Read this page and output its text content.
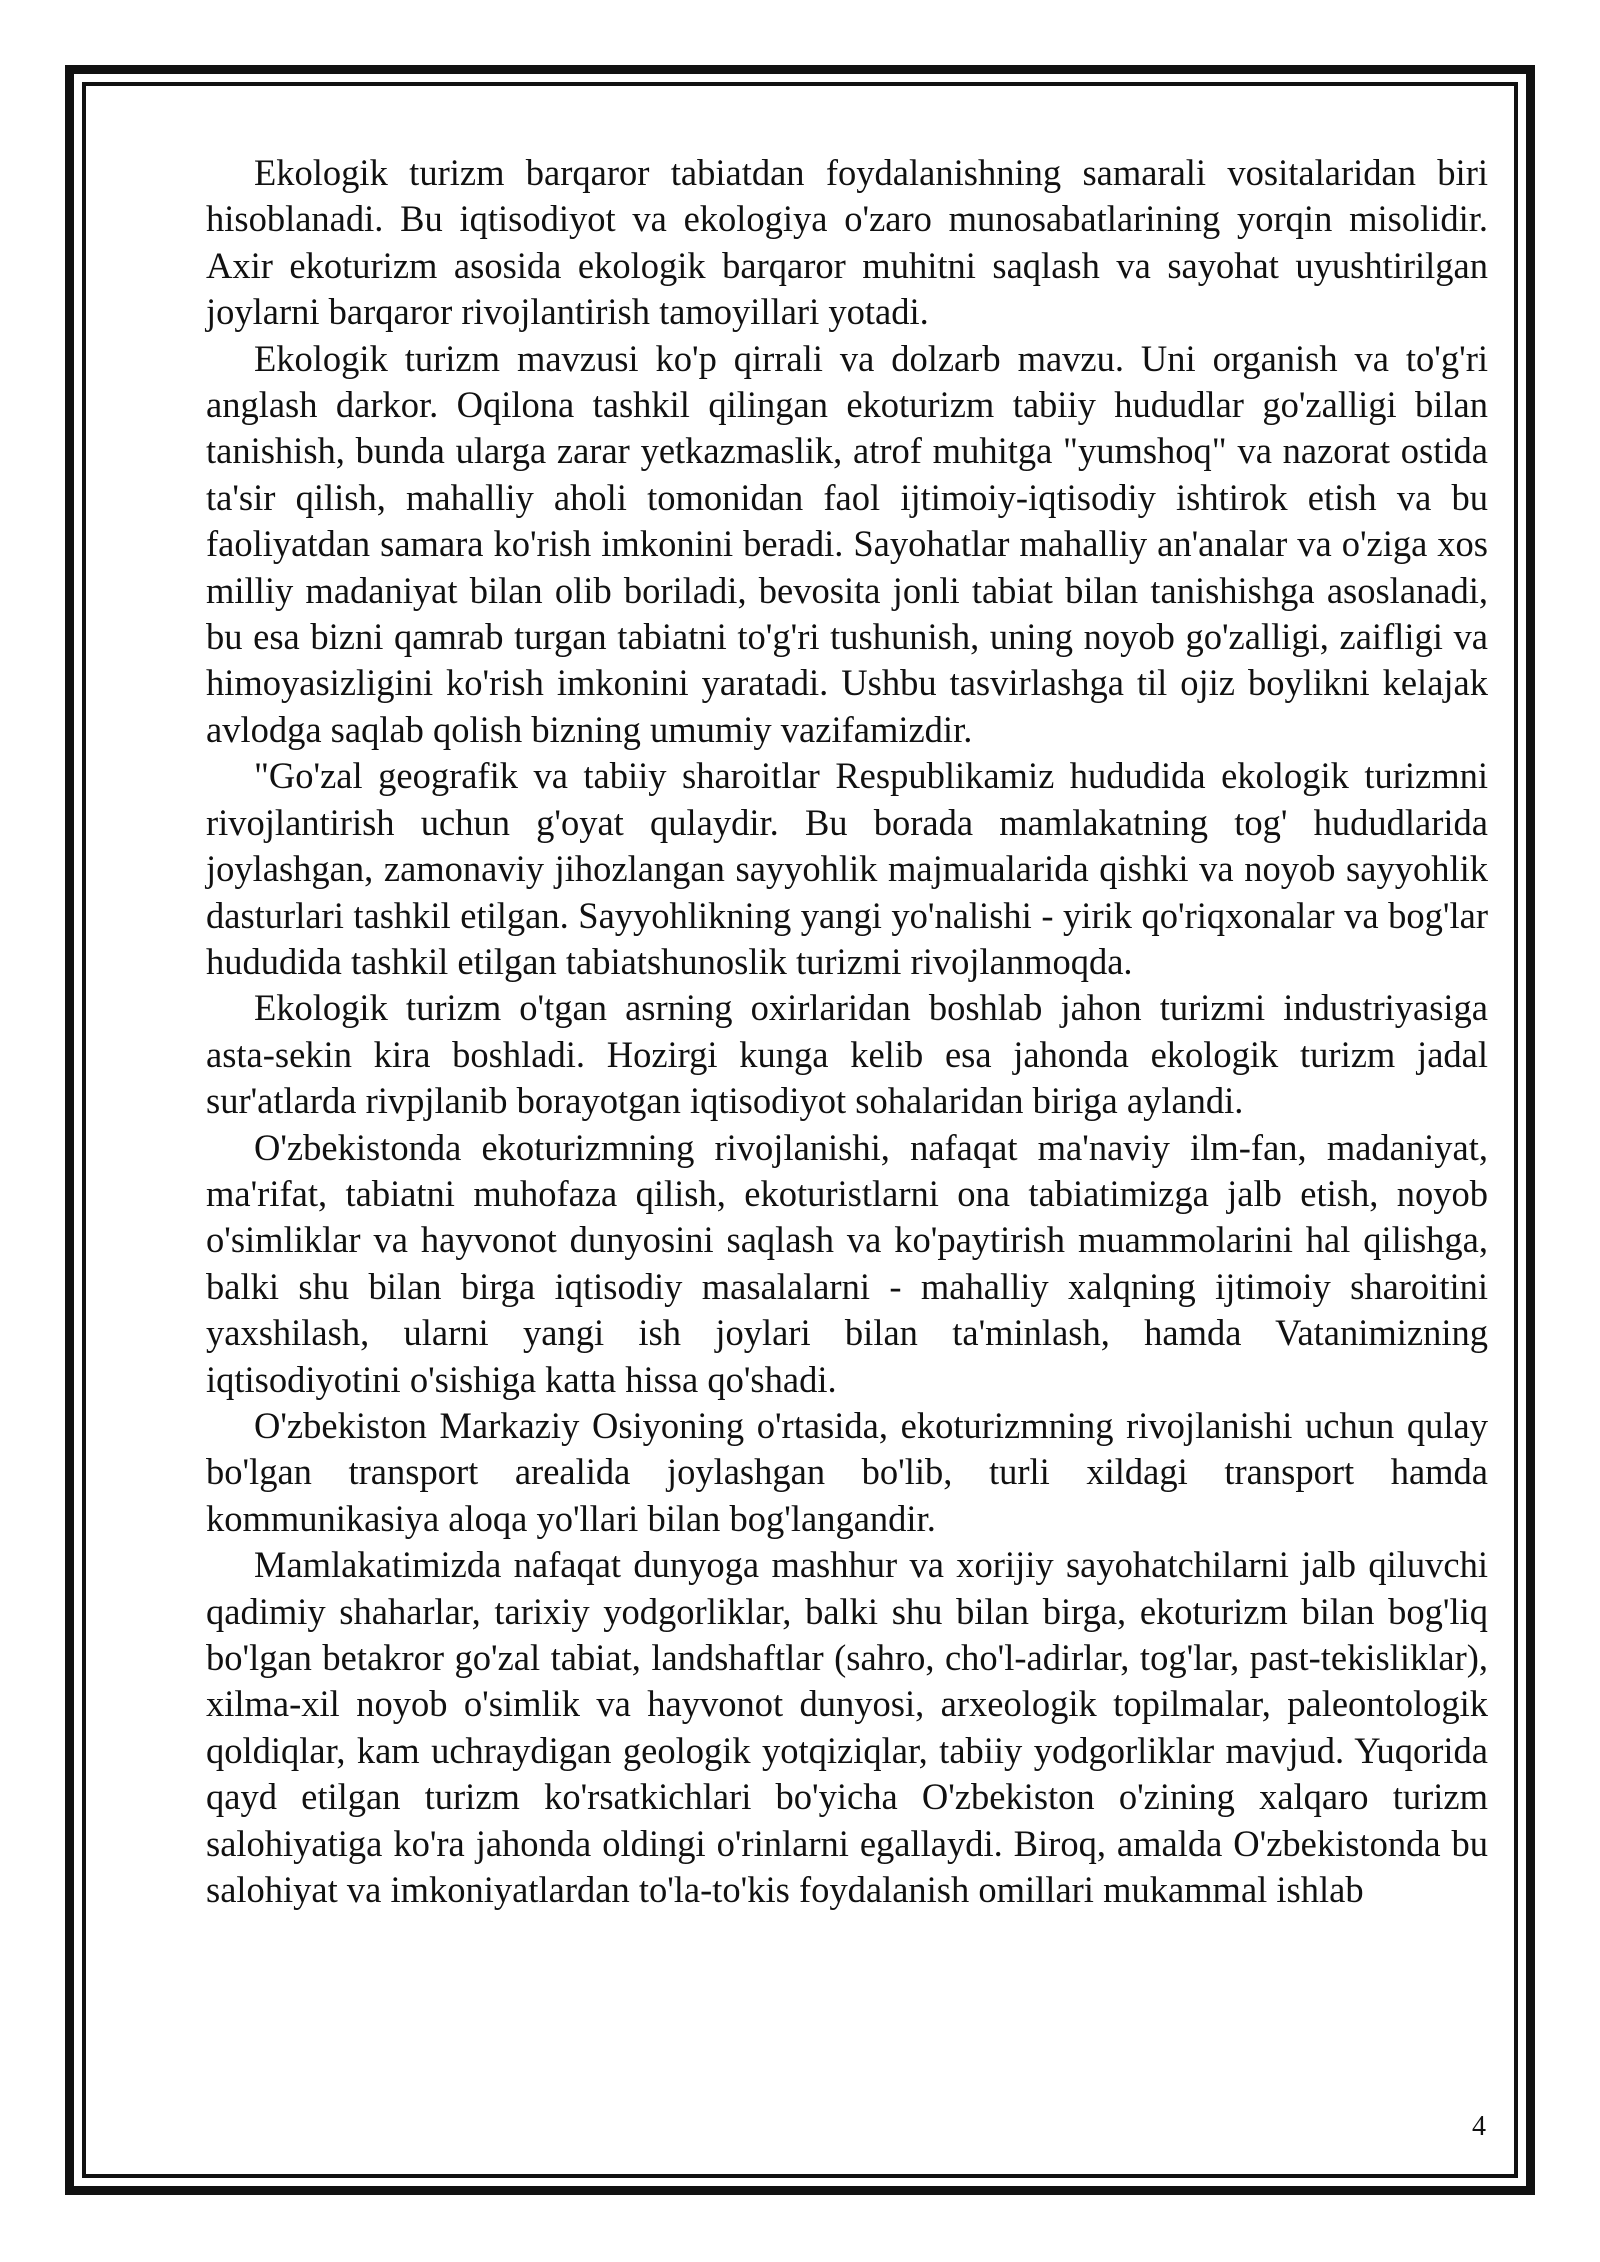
Ekologik turizm barqaror tabiatdan foydalanishning samarali vositalaridan biri hisoblanadi. Bu iqtisodiyot va ekologiya o'zaro munosabatlarining yorqin misolidir. Axir ekoturizm asosida ekologik barqaror muhitni saqlash va sayohat uyushtirilgan joylarni barqaror rivojlantirish tamoyillari yotadi.

Ekologik turizm mavzusi ko'p qirrali va dolzarb mavzu. Uni organish va to'g'ri anglash darkor. Oqilona tashkil qilingan ekoturizm tabiiy hududlar go'zalligi bilan tanishish, bunda ularga zarar yetkazmaslik, atrof muhitga "yumshoq" va nazorat ostida ta'sir qilish, mahalliy aholi tomonidan faol ijtimoiy-iqtisodiy ishtirok etish va bu faoliyatdan samara ko'rish imkonini beradi. Sayohatlar mahalliy an'analar va o'ziga xos milliy madaniyat bilan olib boriladi, bevosita jonli tabiat bilan tanishishga asoslanadi, bu esa bizni qamrab turgan tabiatni to'g'ri tushunish, uning noyob go'zalligi, zaifligi va himoyasizligini ko'rish imkonini yaratadi. Ushbu tasvirlashga til ojiz boylikni kelajak avlodga saqlab qolish bizning umumiy vazifamizdir.

"Go'zal geografik va tabiiy sharoitlar Respublikamiz hududida ekologik turizmni rivojlantirish uchun g'oyat qulaydir. Bu borada mamlakatning tog' hududlarida joylashgan, zamonaviy jihozlangan sayyohlik majmualarida qishki va noyob sayyohlik dasturlari tashkil etilgan. Sayyohlikning yangi yo'nalishi - yirik qo'riqxonalar va bog'lar hududida tashkil etilgan tabiatshunoslik turizmi rivojlanmoqda.

Ekologik turizm o'tgan asrning oxirlaridan boshlab jahon turizmi industriyasiga asta-sekin kira boshladi. Hozirgi kunga kelib esa jahonda ekologik turizm jadal sur'atlarda rivpjlanib borayotgan iqtisodiyot sohalaridan biriga aylandi.

O'zbekistonda ekoturizmning rivojlanishi, nafaqat ma'naviy ilm-fan, madaniyat, ma'rifat, tabiatni muhofaza qilish, ekoturistlarni ona tabiatimizga jalb etish, noyob o'simliklar va hayvonot dunyosini saqlash va ko'paytirish muammolarini hal qilishga, balki shu bilan birga iqtisodiy masalalarni - mahalliy xalqning ijtimoiy sharoitini yaxshilash, ularni yangi ish joylari bilan ta'minlash, hamda Vatanimizning iqtisodiyotini o'sishiga katta hissa qo'shadi.

O'zbekiston Markaziy Osiyoning o'rtasida, ekoturizmning rivojlanishi uchun qulay bo'lgan transport arealida joylashgan bo'lib, turli xildagi transport hamda kommunikasiya aloqa yo'llari bilan bog'langandir.

Mamlakatimizda nafaqat dunyoga mashhur va xorijiy sayohatchilarni jalb qiluvchi qadimiy shaharlar, tarixiy yodgorliklar, balki shu bilan birga, ekoturizm bilan bog'liq bo'lgan betakror go'zal tabiat, landshaftlar (sahro, cho'l-adirlar, tog'lar, past-tekisliklar), xilma-xil noyob o'simlik va hayvonot dunyosi, arxeologik topilmalar, paleontologik qoldiqlar, kam uchraydigan geologik yotqiziqlar, tabiiy yodgorliklar mavjud. Yuqorida qayd etilgan turizm ko'rsatkichlari bo'yicha O'zbekiston o'zining xalqaro turizm salohiyatiga ko'ra jahonda oldingi o'rinlarni egallaydi. Biroq, amalda O'zbekistonda bu salohiyat va imkoniyatlardan to'la-to'kis foydalanish omillari mukammal ishlab

4
